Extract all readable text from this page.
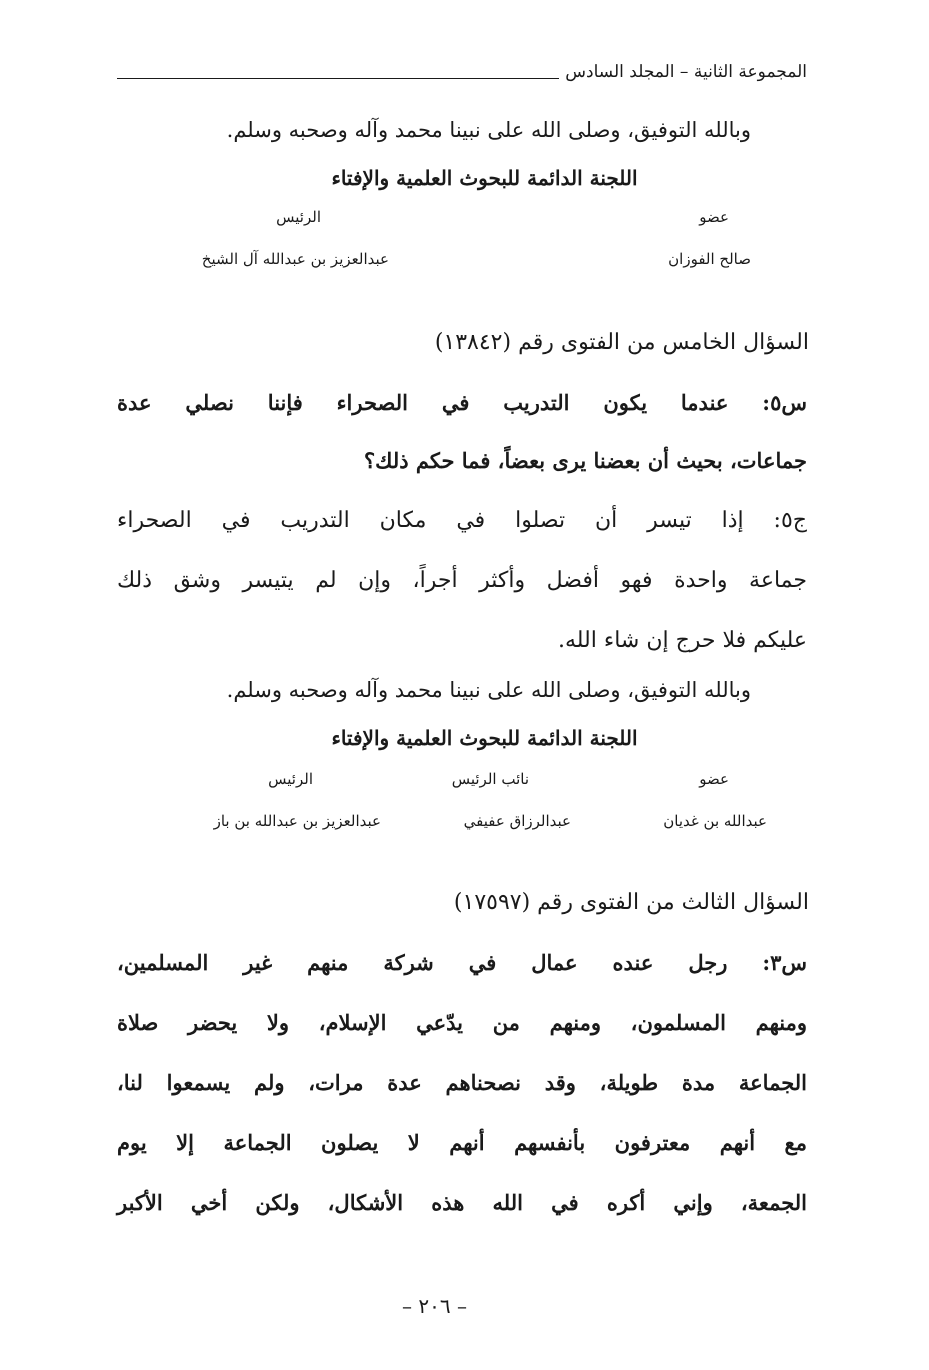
المجموعة الثانية – المجلد السادس
وبالله التوفيق، وصلى الله على نبينا محمد وآله وصحبه وسلم.
اللجنة الدائمة للبحوث العلمية والإفتاء
عضو
صالح الفوزان
الرئيس
عبدالعزيز بن عبدالله آل الشيخ
السؤال الخامس من الفتوى رقم (١٣٨٤٢)
س٥: عندما يكون التدريب في الصحراء فإننا نصلي عدة
جماعات، بحيث أن بعضنا يرى بعضاً، فما حكم ذلك؟
ج٥: إذا تيسر أن تصلوا في مكان التدريب في الصحراء
جماعة واحدة فهو أفضل وأكثر أجراً، وإن لم يتيسر وشق ذلك
عليكم فلا حرج إن شاء الله.
وبالله التوفيق، وصلى الله على نبينا محمد وآله وصحبه وسلم.
اللجنة الدائمة للبحوث العلمية والإفتاء
عضو
عبدالله بن غديان
نائب الرئيس
عبدالرزاق عفيفي
الرئيس
عبدالعزيز بن عبدالله بن باز
السؤال الثالث من الفتوى رقم (١٧٥٩٧)
س٣: رجل عنده عمال في شركة منهم غير المسلمين،
ومنهم المسلمون، ومنهم من يدّعي الإسلام، ولا يحضر صلاة
الجماعة مدة طويلة، وقد نصحناهم عدة مرات، ولم يسمعوا لنا،
مع أنهم معترفون بأنفسهم أنهم لا يصلون الجماعة إلا يوم
الجمعة، وإني أكره في الله هذه الأشكال، ولكن أخي الأكبر
– ٢٠٦ –
